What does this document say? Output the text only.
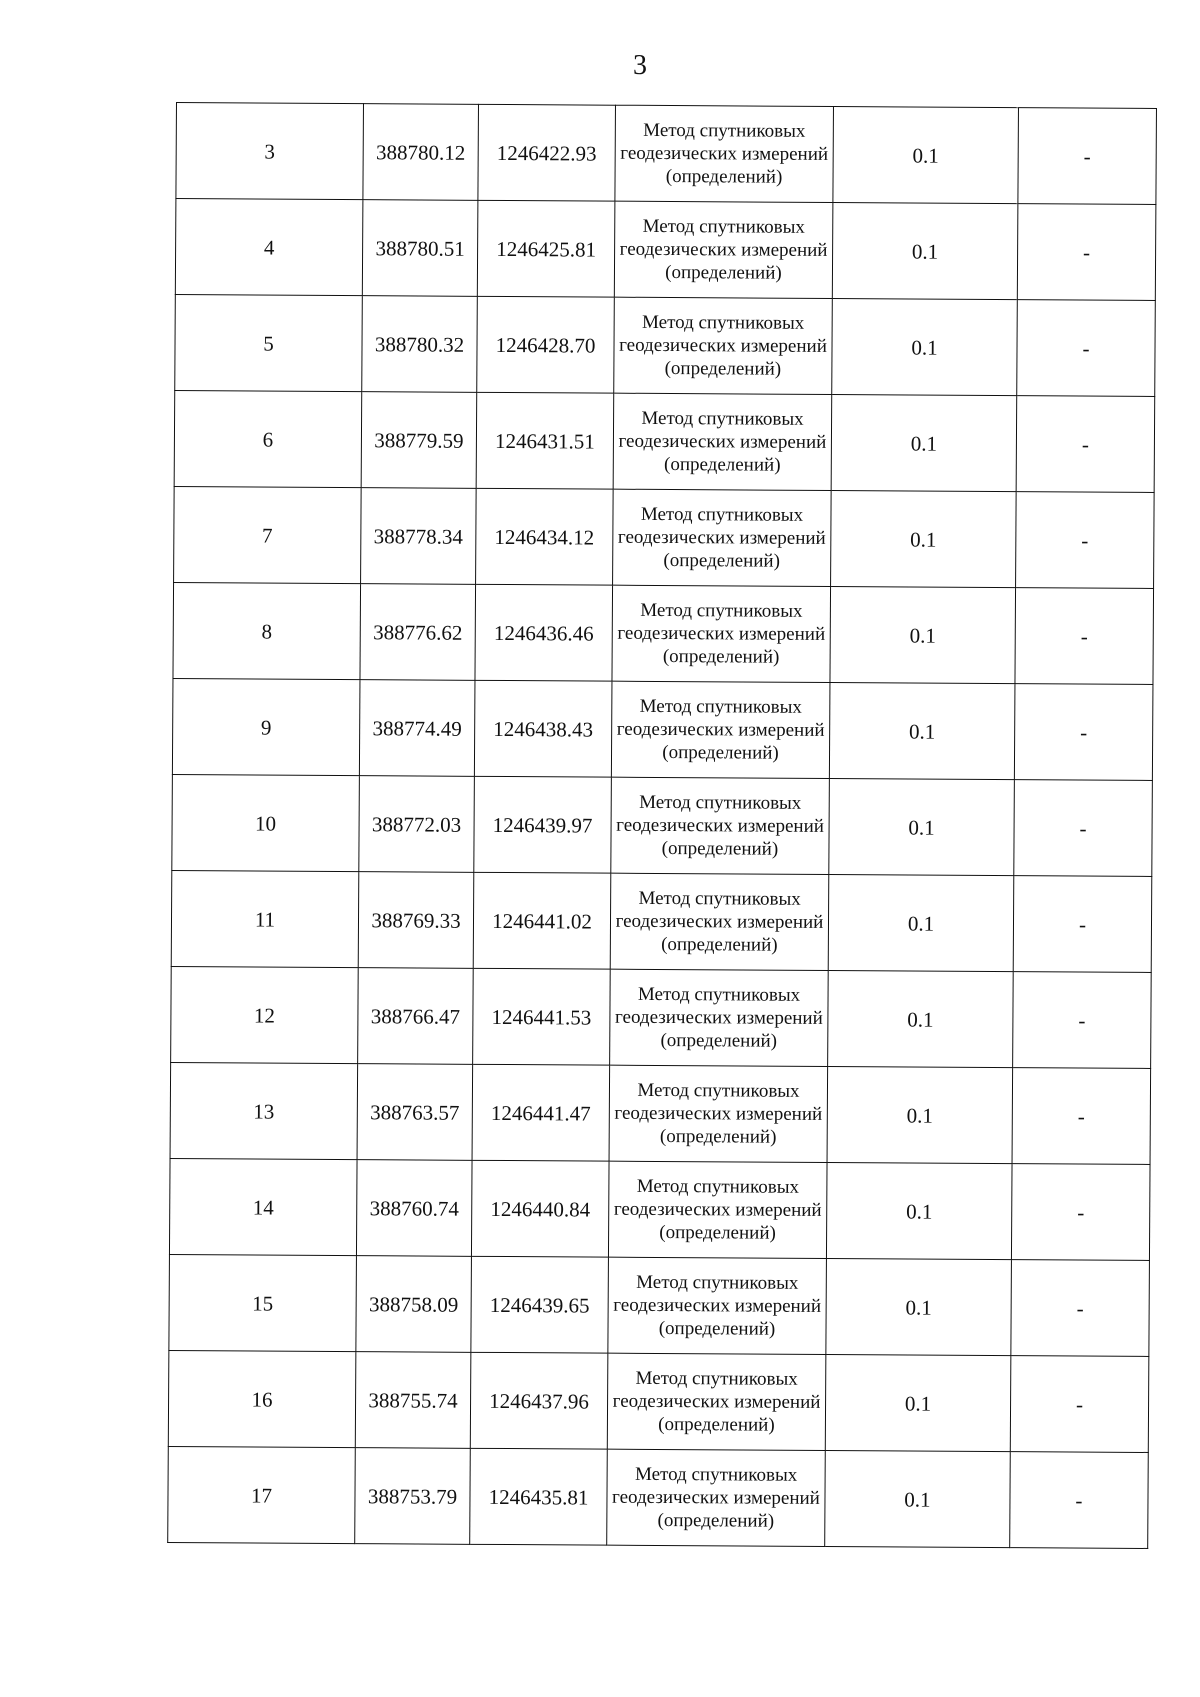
3
3	388780.12	1246422.93	Метод спутниковых геодезических измерений (определений)	0.1	-
4	388780.51	1246425.81	Метод спутниковых геодезических измерений (определений)	0.1	-
5	388780.32	1246428.70	Метод спутниковых геодезических измерений (определений)	0.1	-
6	388779.59	1246431.51	Метод спутниковых геодезических измерений (определений)	0.1	-
7	388778.34	1246434.12	Метод спутниковых геодезических измерений (определений)	0.1	-
8	388776.62	1246436.46	Метод спутниковых геодезических измерений (определений)	0.1	-
9	388774.49	1246438.43	Метод спутниковых геодезических измерений (определений)	0.1	-
10	388772.03	1246439.97	Метод спутниковых геодезических измерений (определений)	0.1	-
11	388769.33	1246441.02	Метод спутниковых геодезических измерений (определений)	0.1	-
12	388766.47	1246441.53	Метод спутниковых геодезических измерений (определений)	0.1	-
13	388763.57	1246441.47	Метод спутниковых геодезических измерений (определений)	0.1	-
14	388760.74	1246440.84	Метод спутниковых геодезических измерений (определений)	0.1	-
15	388758.09	1246439.65	Метод спутниковых геодезических измерений (определений)	0.1	-
16	388755.74	1246437.96	Метод спутниковых геодезических измерений (определений)	0.1	-
17	388753.79	1246435.81	Метод спутниковых геодезических измерений (определений)	0.1	-
